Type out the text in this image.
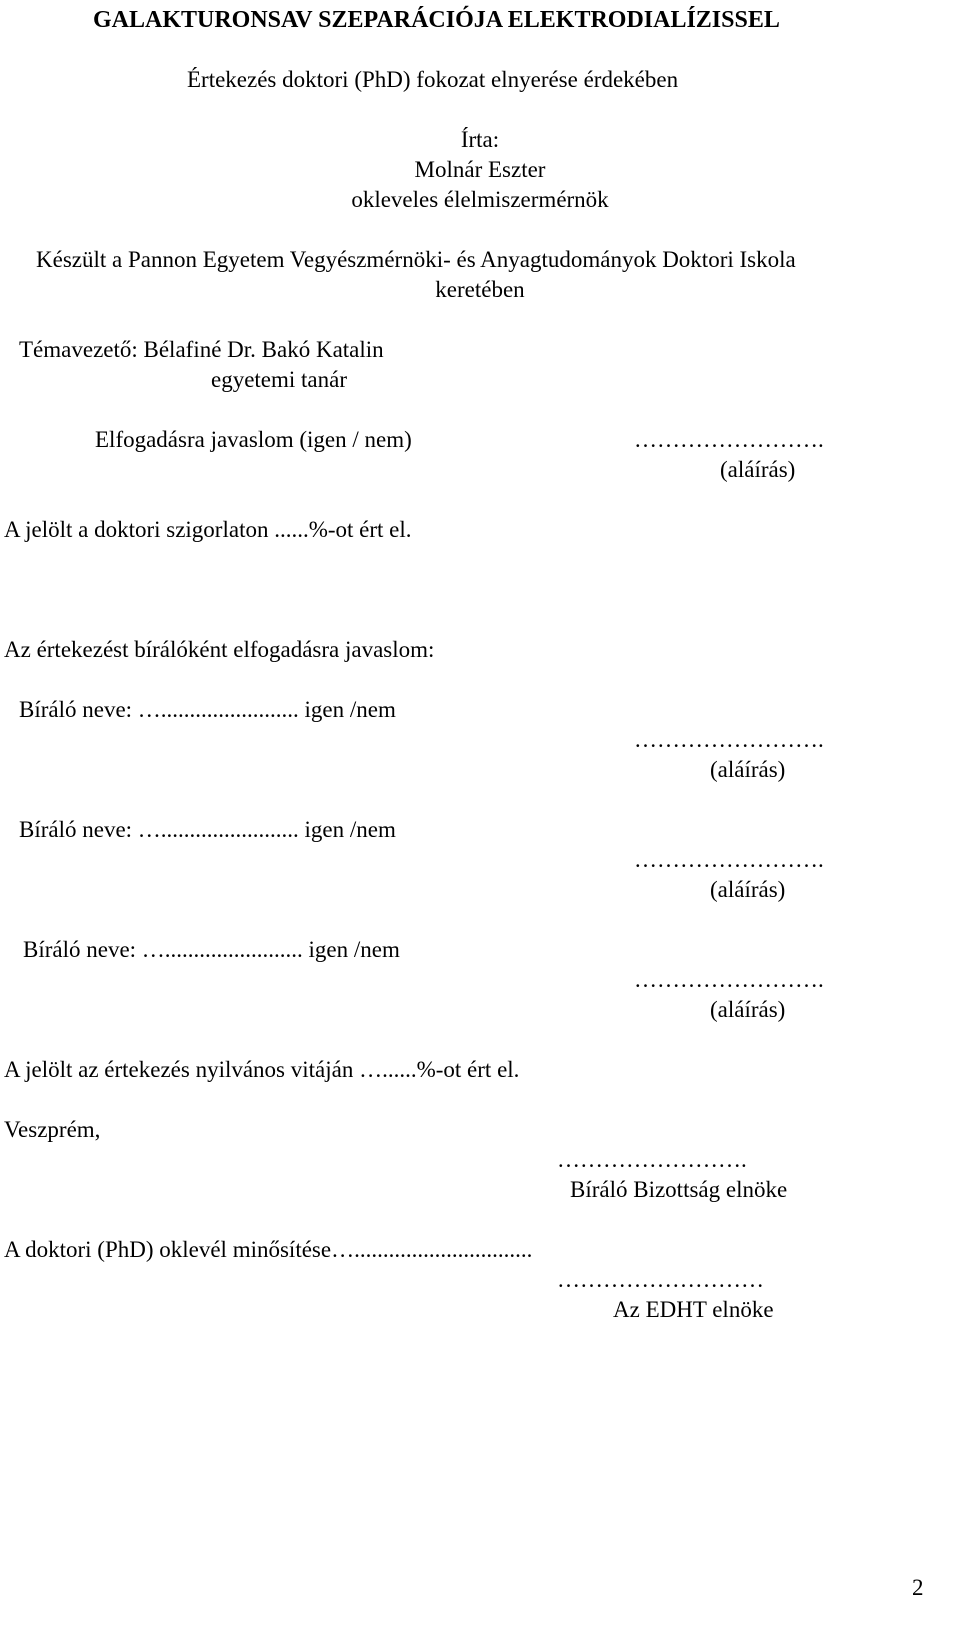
GALAKTURONSAV SZEPARÁCIÓJA ELEKTRODIALÍZISSEL
Értekezés doktori (PhD) fokozat elnyerése érdekében
Írta:
Molnár Eszter
okleveles élelmiszermérnök
Készült a Pannon Egyetem Vegyészmérnöki- és Anyagtudományok Doktori Iskola
keretében
Témavezető: Bélafiné Dr. Bakó Katalin
egyetemi tanár
Elfogadásra javaslom (igen / nem)	…………………….
(aláírás)
A jelölt a doktori szigorlaton ......%-ot ért el.
Az értekezést bírálóként elfogadásra javaslom:
Bíráló neve: …........................ igen /nem
…………………….
(aláírás)
Bíráló neve: …........................ igen /nem
…………………….
(aláírás)
Bíráló neve: …........................ igen /nem
…………………….
(aláírás)
A jelölt az értekezés nyilvános vitáján …......%-ot ért el.
Veszprém,
…………………….
Bíráló Bizottság elnöke
A doktori (PhD) oklevél minősítése…...............................
………………………
Az EDHT elnöke
2
